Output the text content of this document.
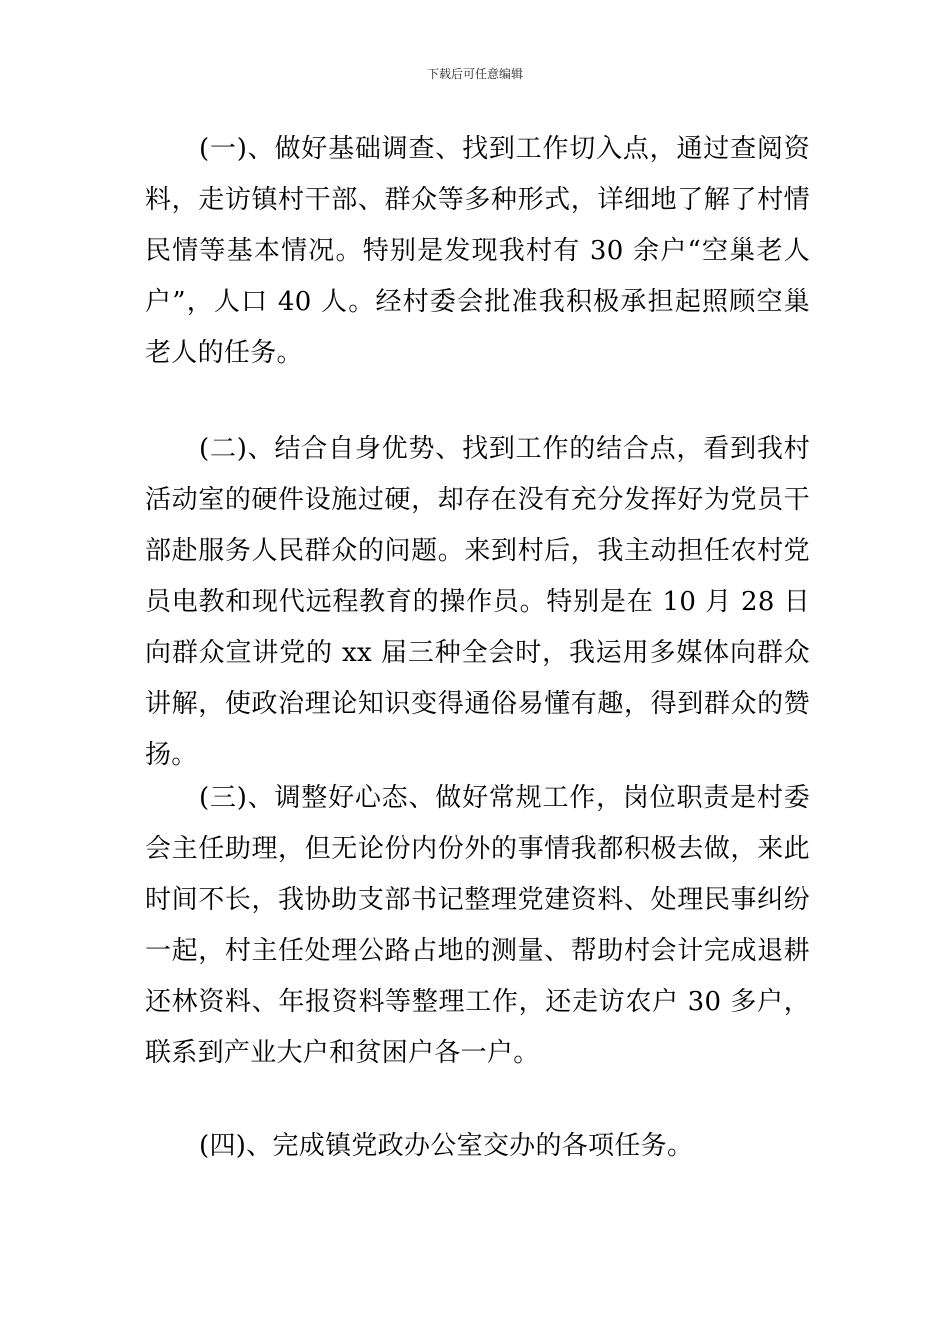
下载后可任意编辑

(一)、做好基础调查、找到工作切入点，通过查阅资料，走访镇村干部、群众等多种形式，详细地了解了村情民情等基本情况。特别是发现我村有 30 余户“空巢老人户”，人口 40 人。经村委会批准我积极承担起照顾空巢老人的任务。

(二)、结合自身优势、找到工作的结合点，看到我村活动室的硬件设施过硬，却存在没有充分发挥好为党员干部赴服务人民群众的问题。来到村后，我主动担任农村党员电教和现代远程教育的操作员。特别是在 10 月 28 日向群众宣讲党的 xx 届三种全会时，我运用多媒体向群众讲解，使政治理论知识变得通俗易懂有趣，得到群众的赞扬。

(三)、调整好心态、做好常规工作，岗位职责是村委会主任助理，但无论份内份外的事情我都积极去做，来此时间不长，我协助支部书记整理党建资料、处理民事纠纷一起，村主任处理公路占地的测量、帮助村会计完成退耕还林资料、年报资料等整理工作，还走访农户 30 多户，联系到产业大户和贫困户各一户。

(四)、完成镇党政办公室交办的各项任务。
